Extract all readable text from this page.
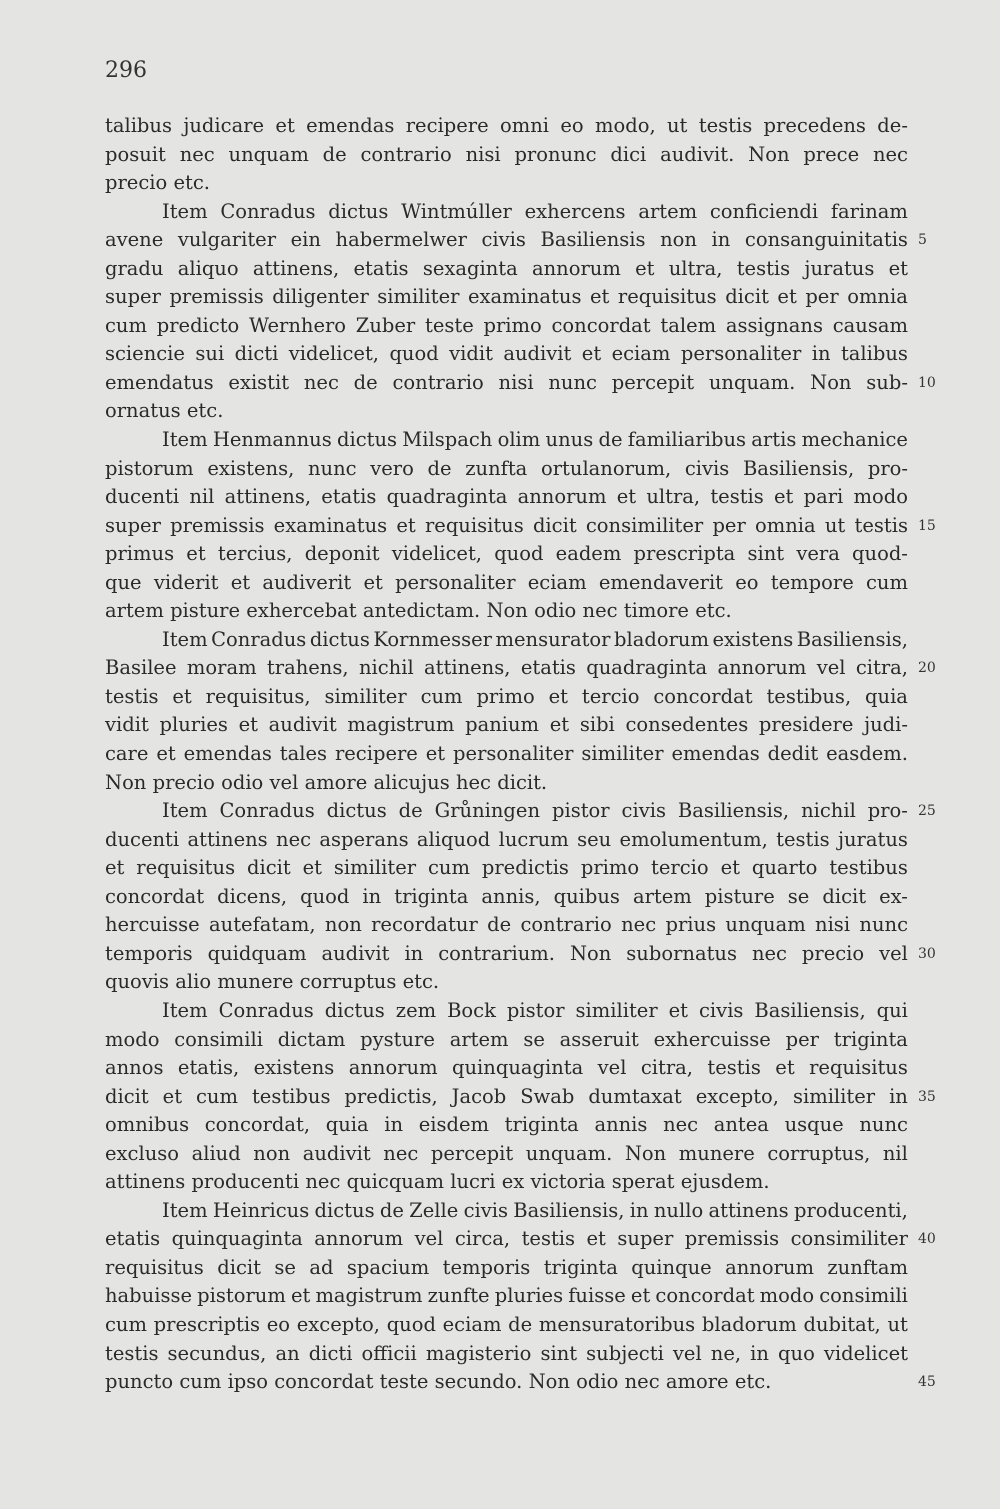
296
talibus judicare et emendas recipere omni eo modo, ut testis precedens de-
posuit nec unquam de contrario nisi pronunc dici audivit. Non prece nec
precio etc.
Item Conradus dictus Wintmúller exhercens artem conficiendi farinam
avene vulgariter ein habermelwer civis Basiliensis non in consanguinitatis
gradu aliquo attinens, etatis sexaginta annorum et ultra, testis juratus et
super premissis diligenter similiter examinatus et requisitus dicit et per omnia
cum predicto Wernhero Zuber teste primo concordat talem assignans causam
sciencie sui dicti videlicet, quod vidit audivit et eciam personaliter in talibus
emendatus existit nec de contrario nisi nunc percepit unquam. Non sub-
ornatus etc.
Item Henmannus dictus Milspach olim unus de familiaribus artis mechanice
pistorum existens, nunc vero de zunfta ortulanorum, civis Basiliensis, pro-
ducenti nil attinens, etatis quadraginta annorum et ultra, testis et pari modo
super premissis examinatus et requisitus dicit consimiliter per omnia ut testis
primus et tercius, deponit videlicet, quod eadem prescripta sint vera quod-
que viderit et audiverit et personaliter eciam emendaverit eo tempore cum
artem pisture exhercebat antedictam. Non odio nec timore etc.
Item Conradus dictus Kornmesser mensurator bladorum existens Basiliensis,
Basilee moram trahens, nichil attinens, etatis quadraginta annorum vel citra,
testis et requisitus, similiter cum primo et tercio concordat testibus, quia
vidit pluries et audivit magistrum panium et sibi consedentes presidere judi-
care et emendas tales recipere et personaliter similiter emendas dedit easdem.
Non precio odio vel amore alicujus hec dicit.
Item Conradus dictus de Grůningen pistor civis Basiliensis, nichil pro-
ducenti attinens nec asperans aliquod lucrum seu emolumentum, testis juratus
et requisitus dicit et similiter cum predictis primo tercio et quarto testibus
concordat dicens, quod in triginta annis, quibus artem pisture se dicit ex-
hercuisse autefatam, non recordatur de contrario nec prius unquam nisi nunc
temporis quidquam audivit in contrarium. Non subornatus nec precio vel
quovis alio munere corruptus etc.
Item Conradus dictus zem Bock pistor similiter et civis Basiliensis, qui
modo consimili dictam pysture artem se asseruit exhercuisse per triginta
annos etatis, existens annorum quinquaginta vel citra, testis et requisitus
dicit et cum testibus predictis, Jacob Swab dumtaxat excepto, similiter in
omnibus concordat, quia in eisdem triginta annis nec antea usque nunc
excluso aliud non audivit nec percepit unquam. Non munere corruptus, nil
attinens producenti nec quicquam lucri ex victoria sperat ejusdem.
Item Heinricus dictus de Zelle civis Basiliensis, in nullo attinens producenti,
etatis quinquaginta annorum vel circa, testis et super premissis consimiliter
requisitus dicit se ad spacium temporis triginta quinque annorum zunftam
habuisse pistorum et magistrum zunfte pluries fuisse et concordat modo consimili
cum prescriptis eo excepto, quod eciam de mensuratoribus bladorum dubitat, ut
testis secundus, an dicti officii magisterio sint subjecti vel ne, in quo videlicet
puncto cum ipso concordat teste secundo. Non odio nec amore etc.
5
10
15
20
25
30
35
40
45
